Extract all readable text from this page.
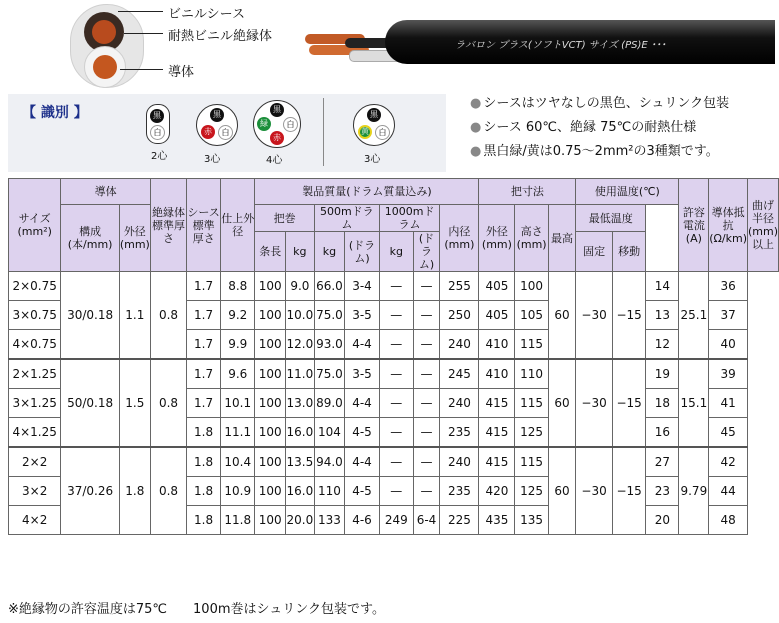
ビニルシース
耐熱ビニル絶縁体
導体
ラバロン プラス(ソフトVCT) サイズ (PS)E ･･･
【 識別 】	黒
白
2心
黒
赤	白
3心
黒
緑	白
赤
4心
黒
黄	白
3心
● シースはツヤなしの黒色、シュリンク包装
● シース 60℃、絶縁 75℃の耐熱仕様
● 黒白緑/黄は0.75〜2mm²の3種類です。
サイズ
(mm²)	導体		絶縁体標準厚さ	シース標準厚さ	仕上外径	製品質量(ドラム質量込み)							把寸法			使用温度(℃)			許容電流
(A)	導体抵抗
(Ω/km)	曲げ半径
(mm)以上
	構成
(本/mm)	外径
(mm)				把巻		500mドラム		1000mドラム		内径
(mm)	外径
(mm)	高さ
(mm)	最高	最低温度					
						条長	kg	kg	(ドラム)	kg	(ドラム)					固定	移動				
2×0.75	30/0.18	1.1	0.8	1.7	8.8	100	9.0	66.0	3-4	—	—	255	405	100	60	−30	−15	14	25.1	36	
3×0.75				1.7	9.2	100	10.0	75.0	3-5	—	—	250	405	105				13		37	
4×0.75				1.7	9.9	100	12.0	93.0	4-4	—	—	240	410	115				12		40	
2×1.25	50/0.18	1.5	0.8	1.7	9.6	100	11.0	75.0	3-5	—	—	245	410	110	60	−30	−15	19	15.1	39	
3×1.25				1.7	10.1	100	13.0	89.0	4-4	—	—	240	415	115				18		41	
4×1.25				1.8	11.1	100	16.0	104	4-5	—	—	235	415	125				16		45	
2×2	37/0.26	1.8	0.8	1.8	10.4	100	13.5	94.0	4-4	—	—	240	415	115	60	−30	−15	27	9.79	42	
3×2				1.8	10.9	100	16.0	110	4-5	—	—	235	420	125				23		44	
4×2				1.8	11.8	100	20.0	133	4-6	249	6-4	225	435	135				20		48	
※絶縁物の許容温度は75℃　　100m巻はシュリンク包装です。
